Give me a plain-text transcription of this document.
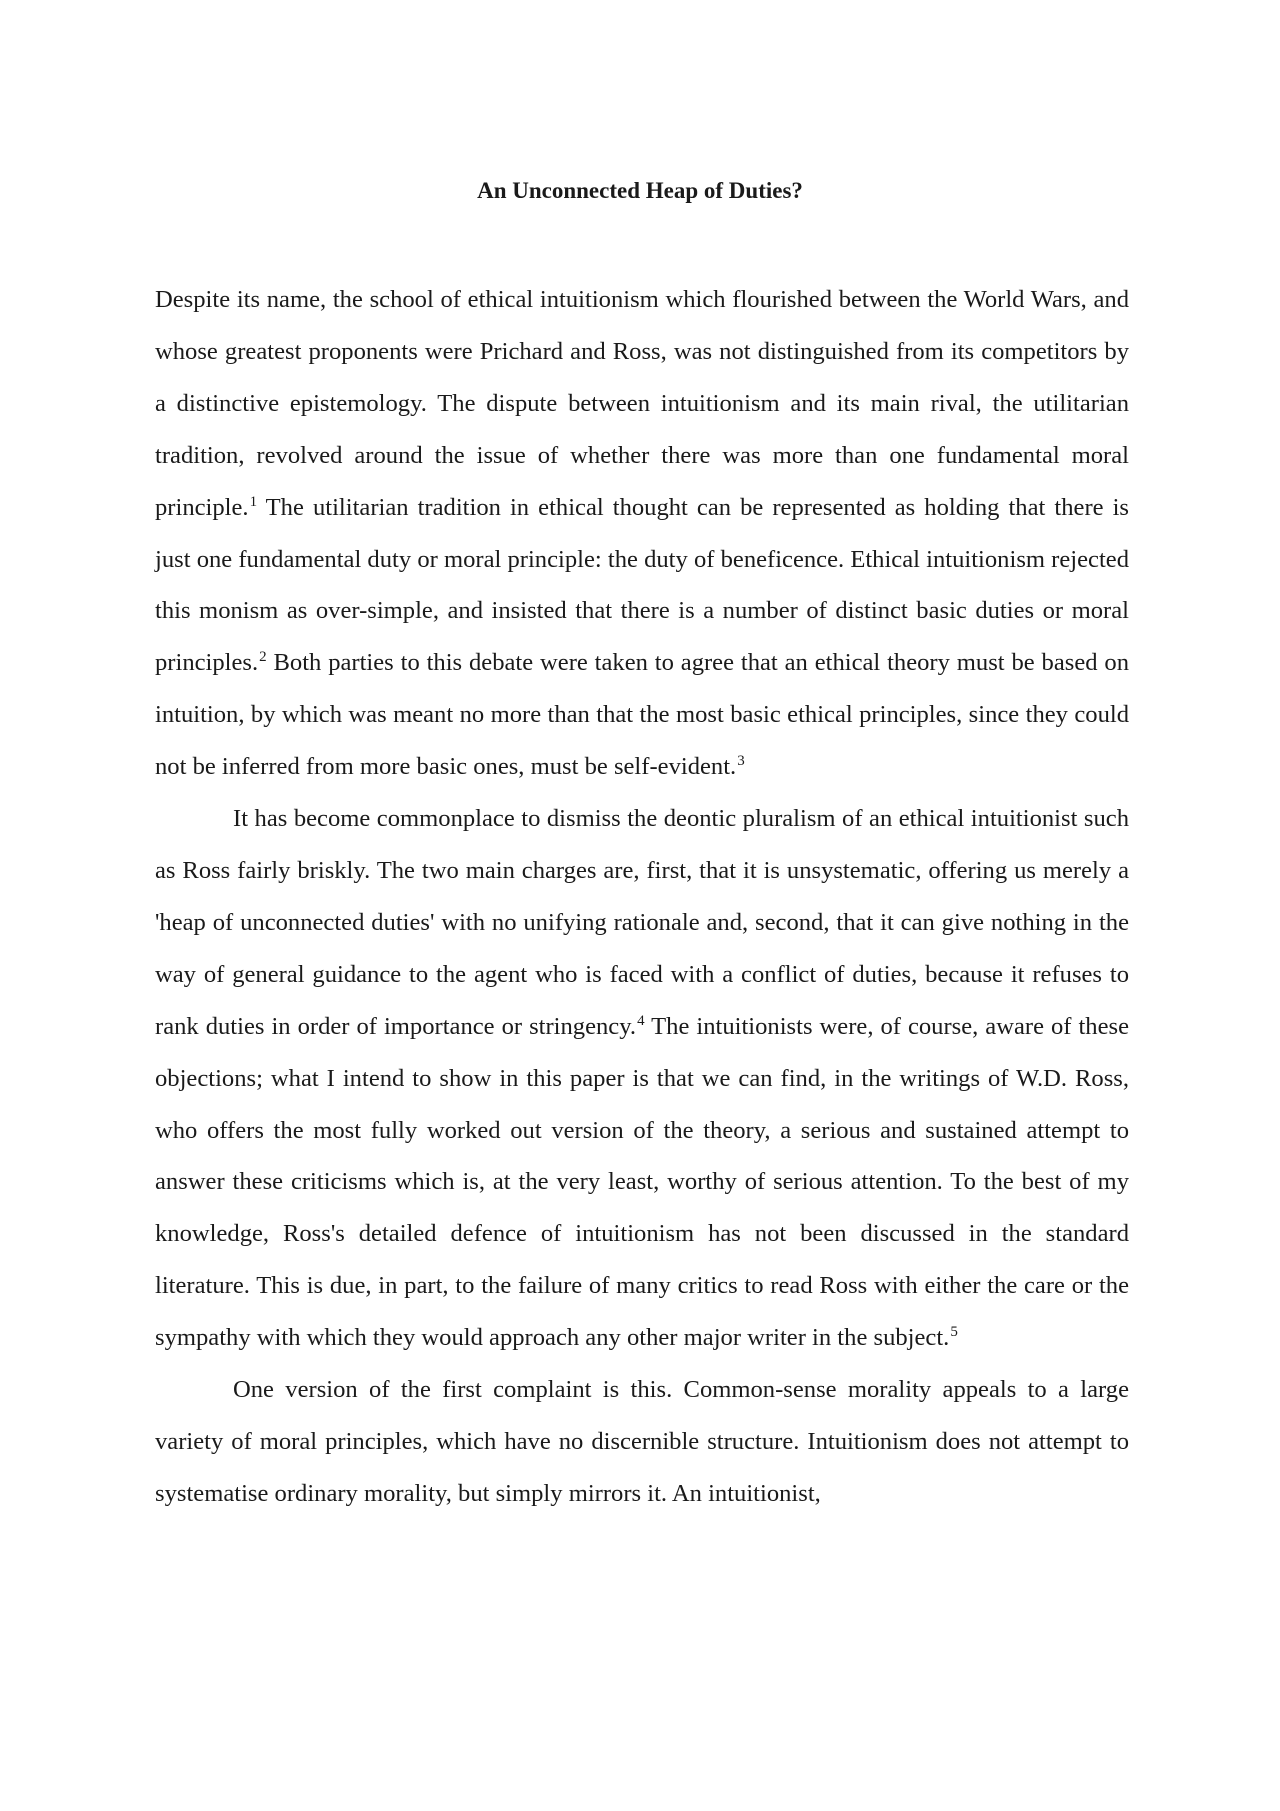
An Unconnected Heap of Duties?

Despite its name, the school of ethical intuitionism which flourished between the World Wars, and whose greatest proponents were Prichard and Ross, was not distinguished from its competitors by a distinctive epistemology. The dispute between intuitionism and its main rival, the utilitarian tradition, revolved around the issue of whether there was more than one fundamental moral principle.$^1$ The utilitarian tradition in ethical thought can be represented as holding that there is just one fundamental duty or moral principle: the duty of beneficence. Ethical intuitionism rejected this monism as over-simple, and insisted that there is a number of distinct basic duties or moral principles.$^2$ Both parties to this debate were taken to agree that an ethical theory must be based on intuition, by which was meant no more than that the most basic ethical principles, since they could not be inferred from more basic ones, must be self-evident.$^3$

It has become commonplace to dismiss the deontic pluralism of an ethical intuitionist such as Ross fairly briskly. The two main charges are, first, that it is unsystematic, offering us merely a 'heap of unconnected duties' with no unifying rationale and, second, that it can give nothing in the way of general guidance to the agent who is faced with a conflict of duties, because it refuses to rank duties in order of importance or stringency.$^4$ The intuitionists were, of course, aware of these objections; what I intend to show in this paper is that we can find, in the writings of W.D. Ross, who offers the most fully worked out version of the theory, a serious and sustained attempt to answer these criticisms which is, at the very least, worthy of serious attention. To the best of my knowledge, Ross's detailed defence of intuitionism has not been discussed in the standard literature. This is due, in part, to the failure of many critics to read Ross with either the care or the sympathy with which they would approach any other major writer in the subject.$^5$

One version of the first complaint is this. Common-sense morality appeals to a large variety of moral principles, which have no discernible structure. Intuitionism does not attempt to systematise ordinary morality, but simply mirrors it. An intuitionist,
